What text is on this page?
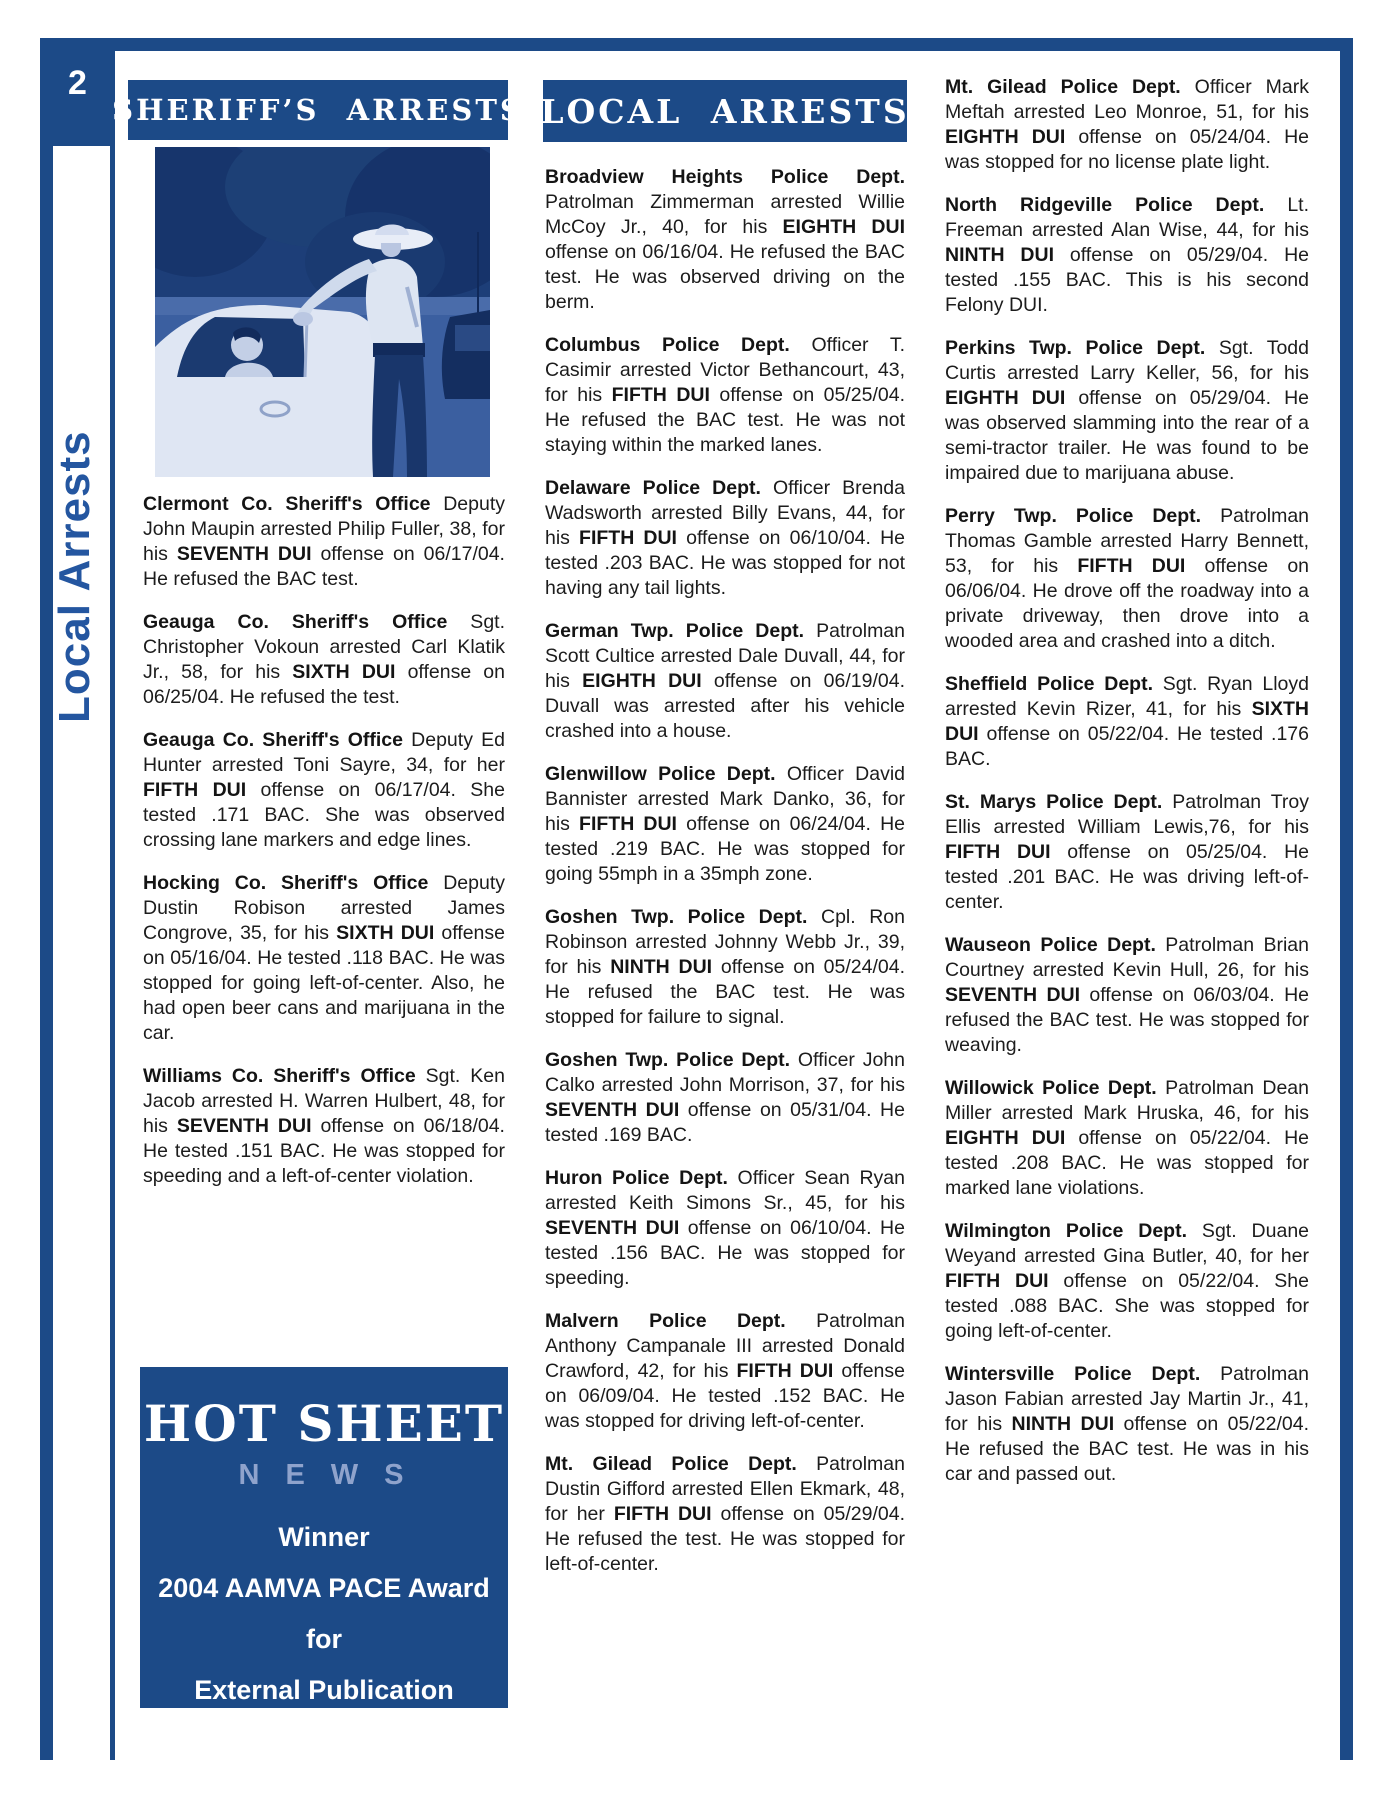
2
Local Arrests
SHERIFF’S ARRESTS

Clermont Co. Sheriff's Office Deputy John Maupin arrested Philip Fuller, 38, for his SEVENTH DUI offense on 06/17/04. He refused the BAC test.

Geauga Co. Sheriff's Office Sgt. Christopher Vokoun arrested Carl Klatik Jr., 58, for his SIXTH DUI offense on 06/25/04. He refused the test.

Geauga Co. Sheriff's Office Deputy Ed Hunter arrested Toni Sayre, 34, for her FIFTH DUI offense on 06/17/04. She tested .171 BAC. She was observed crossing lane markers and edge lines.

Hocking Co. Sheriff's Office Deputy Dustin Robison arrested James Congrove, 35, for his SIXTH DUI offense on 05/16/04. He tested .118 BAC. He was stopped for going left-of-center. Also, he had open beer cans and marijuana in the car.

Williams Co. Sheriff's Office Sgt. Ken Jacob arrested H. Warren Hulbert, 48, for his SEVENTH DUI offense on 06/18/04. He tested .151 BAC. He was stopped for speeding and a left-of-center violation.

LOCAL ARRESTS

Broadview Heights Police Dept. Patrolman Zimmerman arrested Willie McCoy Jr., 40, for his EIGHTH DUI offense on 06/16/04. He refused the BAC test. He was observed driving on the berm.

Columbus Police Dept. Officer T. Casimir arrested Victor Bethancourt, 43, for his FIFTH DUI offense on 05/25/04. He refused the BAC test. He was not staying within the marked lanes.

Delaware Police Dept. Officer Brenda Wadsworth arrested Billy Evans, 44, for his FIFTH DUI offense on 06/10/04. He tested .203 BAC. He was stopped for not having any tail lights.

German Twp. Police Dept. Patrolman Scott Cultice arrested Dale Duvall, 44, for his EIGHTH DUI offense on 06/19/04. Duvall was arrested after his vehicle crashed into a house.

Glenwillow Police Dept. Officer David Bannister arrested Mark Danko, 36, for his FIFTH DUI offense on 06/24/04. He tested .219 BAC. He was stopped for going 55mph in a 35mph zone.

Goshen Twp. Police Dept. Cpl. Ron Robinson arrested Johnny Webb Jr., 39, for his NINTH DUI offense on 05/24/04. He refused the BAC test. He was stopped for failure to signal.

Goshen Twp. Police Dept. Officer John Calko arrested John Morrison, 37, for his SEVENTH DUI offense on 05/31/04. He tested .169 BAC.

Huron Police Dept. Officer Sean Ryan arrested Keith Simons Sr., 45, for his SEVENTH DUI offense on 06/10/04. He tested .156 BAC. He was stopped for speeding.

Malvern Police Dept. Patrolman Anthony Campanale III arrested Donald Crawford, 42, for his FIFTH DUI offense on 06/09/04. He tested .152 BAC. He was stopped for driving left-of-center.

Mt. Gilead Police Dept. Patrolman Dustin Gifford arrested Ellen Ekmark, 48, for her FIFTH DUI offense on 05/29/04. He refused the test. He was stopped for left-of-center.

Mt. Gilead Police Dept. Officer Mark Meftah arrested Leo Monroe, 51, for his EIGHTH DUI offense on 05/24/04. He was stopped for no license plate light.

North Ridgeville Police Dept. Lt. Freeman arrested Alan Wise, 44, for his NINTH DUI offense on 05/29/04. He tested .155 BAC. This is his second Felony DUI.

Perkins Twp. Police Dept. Sgt. Todd Curtis arrested Larry Keller, 56, for his EIGHTH DUI offense on 05/29/04. He was observed slamming into the rear of a semi-tractor trailer. He was found to be impaired due to marijuana abuse.

Perry Twp. Police Dept. Patrolman Thomas Gamble arrested Harry Bennett, 53, for his FIFTH DUI offense on 06/06/04. He drove off the roadway into a private driveway, then drove into a wooded area and crashed into a ditch.

Sheffield Police Dept. Sgt. Ryan Lloyd arrested Kevin Rizer, 41, for his SIXTH DUI offense on 05/22/04. He tested .176 BAC.

St. Marys Police Dept. Patrolman Troy Ellis arrested William Lewis,76, for his FIFTH DUI offense on 05/25/04. He tested .201 BAC. He was driving left-of-center.

Wauseon Police Dept. Patrolman Brian Courtney arrested Kevin Hull, 26, for his SEVENTH DUI offense on 06/03/04. He refused the BAC test. He was stopped for weaving.

Willowick Police Dept. Patrolman Dean Miller arrested Mark Hruska, 46, for his EIGHTH DUI offense on 05/22/04. He tested .208 BAC. He was stopped for marked lane violations.

Wilmington Police Dept. Sgt. Duane Weyand arrested Gina Butler, 40, for her FIFTH DUI offense on 05/22/04. She tested .088 BAC. She was stopped for going left-of-center.

Wintersville Police Dept. Patrolman Jason Fabian arrested Jay Martin Jr., 41, for his NINTH DUI offense on 05/22/04. He refused the BAC test. He was in his car and passed out.

HOT SHEET
NEWS
Winner
2004 AAMVA PACE Award
for
External Publication
